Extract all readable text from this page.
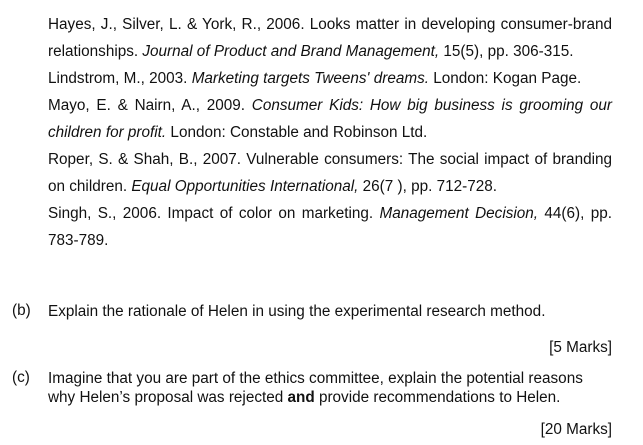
Hayes, J., Silver, L. & York, R., 2006. Looks matter in developing consumer-brand relationships. Journal of Product and Brand Management, 15(5), pp. 306-315.

Lindstrom, M., 2003. Marketing targets Tweens' dreams. London: Kogan Page.

Mayo, E. & Nairn, A., 2009. Consumer Kids: How big business is grooming our children for profit. London: Constable and Robinson Ltd.

Roper, S. & Shah, B., 2007. Vulnerable consumers: The social impact of branding on children. Equal Opportunities International, 26(7 ), pp. 712-728.

Singh, S., 2006. Impact of color on marketing. Management Decision, 44(6), pp. 783-789.

(b) Explain the rationale of Helen in using the experimental research method.
[5 Marks]
(c) Imagine that you are part of the ethics committee, explain the potential reasons why Helen’s proposal was rejected and provide recommendations to Helen.
[20 Marks]
